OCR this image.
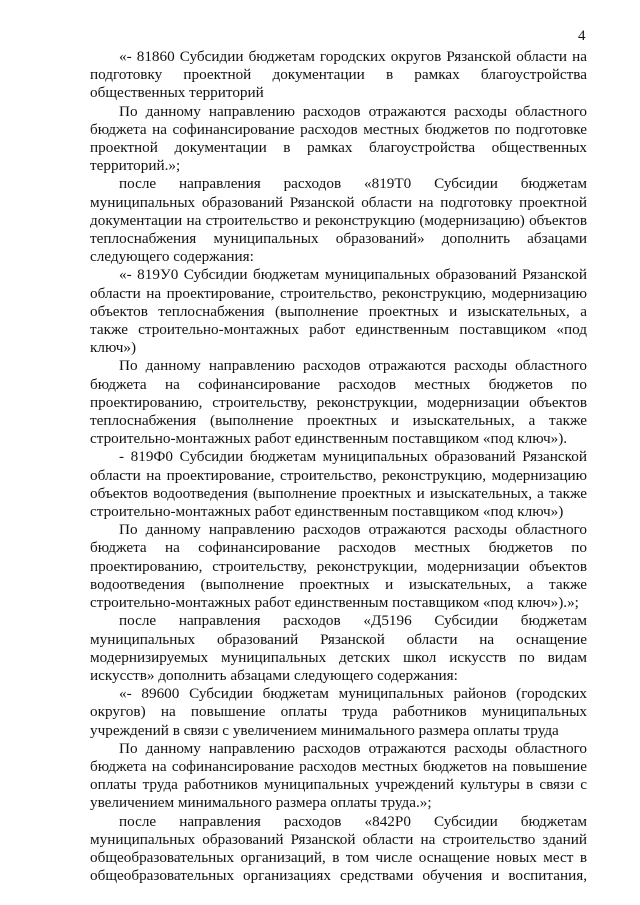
4

«- 81860 Субсидии бюджетам городских округов Рязанской области на подготовку проектной документации в рамках благоустройства общественных территорий

По данному направлению расходов отражаются расходы областного бюджета на софинансирование расходов местных бюджетов по подготовке проектной документации в рамках благоустройства общественных территорий.»;

после направления расходов «819Т0 Субсидии бюджетам муниципальных образований Рязанской области на подготовку проектной документации на строительство и реконструкцию (модернизацию) объектов теплоснабжения муниципальных образований» дополнить абзацами следующего содержания:

«- 819У0 Субсидии бюджетам муниципальных образований Рязанской области на проектирование, строительство, реконструкцию, модернизацию объектов теплоснабжения (выполнение проектных и изыскательных, а также строительно-монтажных работ единственным поставщиком «под ключ»)

По данному направлению расходов отражаются расходы областного бюджета на софинансирование расходов местных бюджетов по проектированию, строительству, реконструкции, модернизации объектов теплоснабжения (выполнение проектных и изыскательных, а также строительно-монтажных работ единственным поставщиком «под ключ»).

- 819Ф0 Субсидии бюджетам муниципальных образований Рязанской области на проектирование, строительство, реконструкцию, модернизацию объектов водоотведения (выполнение проектных и изыскательных, а также строительно-монтажных работ единственным поставщиком «под ключ»)

По данному направлению расходов отражаются расходы областного бюджета на софинансирование расходов местных бюджетов по проектированию, строительству, реконструкции, модернизации объектов водоотведения (выполнение проектных и изыскательных, а также строительно-монтажных работ единственным поставщиком «под ключ»).»;

после направления расходов «Д5196 Субсидии бюджетам муниципальных образований Рязанской области на оснащение модернизируемых муниципальных детских школ искусств по видам искусств» дополнить абзацами следующего содержания:

«- 89600 Субсидии бюджетам муниципальных районов (городских округов) на повышение оплаты труда работников муниципальных учреждений в связи с увеличением минимального размера оплаты труда

По данному направлению расходов отражаются расходы областного бюджета на софинансирование расходов местных бюджетов на повышение оплаты труда работников муниципальных учреждений культуры в связи с увеличением минимального размера оплаты труда.»;

после направления расходов «842Р0 Субсидии бюджетам муниципальных образований Рязанской области на строительство зданий общеобразовательных организаций, в том числе оснащение новых мест в общеобразовательных организациях средствами обучения и воспитания,
